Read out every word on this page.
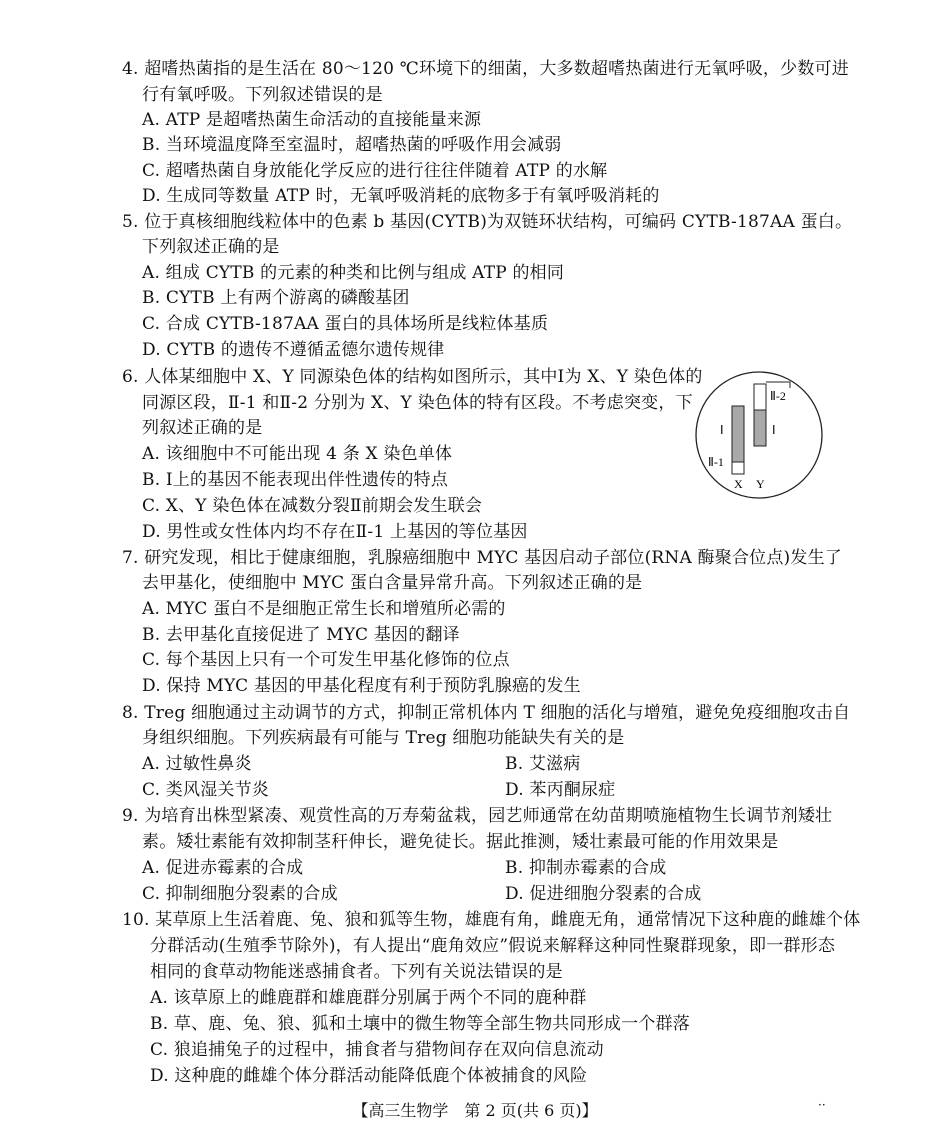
4. 超嗜热菌指的是生活在 80～120 ℃环境下的细菌，大多数超嗜热菌进行无氧呼吸，少数可进
行有氧呼吸。下列叙述错误的是
A. ATP 是超嗜热菌生命活动的直接能量来源
B. 当环境温度降至室温时，超嗜热菌的呼吸作用会减弱
C. 超嗜热菌自身放能化学反应的进行往往伴随着 ATP 的水解
D. 生成同等数量 ATP 时，无氧呼吸消耗的底物多于有氧呼吸消耗的
5. 位于真核细胞线粒体中的色素 b 基因(CYTB)为双链环状结构，可编码 CYTB-187AA 蛋白。
下列叙述正确的是
A. 组成 CYTB 的元素的种类和比例与组成 ATP 的相同
B. CYTB 上有两个游离的磷酸基团
C. 合成 CYTB-187AA 蛋白的具体场所是线粒体基质
D. CYTB 的遗传不遵循孟德尔遗传规律
6. 人体某细胞中 X、Y 同源染色体的结构如图所示，其中Ⅰ为 X、Y 染色体的
同源区段，Ⅱ-1 和Ⅱ-2 分别为 X、Y 染色体的特有区段。不考虑突变，下
列叙述正确的是
A. 该细胞中不可能出现 4 条 X 染色单体
B. Ⅰ上的基因不能表现出伴性遗传的特点
C. X、Y 染色体在减数分裂Ⅱ前期会发生联会
D. 男性或女性体内均不存在Ⅱ-1 上基因的等位基因
Ⅱ-2
Ⅰ	Ⅰ
Ⅱ-1
X Y
7. 研究发现，相比于健康细胞，乳腺癌细胞中 MYC 基因启动子部位(RNA 酶聚合位点)发生了
去甲基化，使细胞中 MYC 蛋白含量异常升高。下列叙述正确的是
A. MYC 蛋白不是细胞正常生长和增殖所必需的
B. 去甲基化直接促进了 MYC 基因的翻译
C. 每个基因上只有一个可发生甲基化修饰的位点
D. 保持 MYC 基因的甲基化程度有利于预防乳腺癌的发生
8. Treg 细胞通过主动调节的方式，抑制正常机体内 T 细胞的活化与增殖，避免免疫细胞攻击自
身组织细胞。下列疾病最有可能与 Treg 细胞功能缺失有关的是
A. 过敏性鼻炎	B. 艾滋病
C. 类风湿关节炎	D. 苯丙酮尿症
9. 为培育出株型紧凑、观赏性高的万寿菊盆栽，园艺师通常在幼苗期喷施植物生长调节剂矮壮
素。矮壮素能有效抑制茎秆伸长，避免徒长。据此推测，矮壮素最可能的作用效果是
A. 促进赤霉素的合成	B. 抑制赤霉素的合成
C. 抑制细胞分裂素的合成	D. 促进细胞分裂素的合成
10. 某草原上生活着鹿、兔、狼和狐等生物，雄鹿有角，雌鹿无角，通常情况下这种鹿的雌雄个体
分群活动(生殖季节除外)，有人提出“鹿角效应”假说来解释这种同性聚群现象，即一群形态
相同的食草动物能迷惑捕食者。下列有关说法错误的是
A. 该草原上的雌鹿群和雄鹿群分别属于两个不同的鹿种群
B. 草、鹿、兔、狼、狐和土壤中的微生物等全部生物共同形成一个群落
C. 狼追捕兔子的过程中，捕食者与猎物间存在双向信息流动
D. 这种鹿的雌雄个体分群活动能降低鹿个体被捕食的风险
【高三生物学　第 2 页(共 6 页)】	··
